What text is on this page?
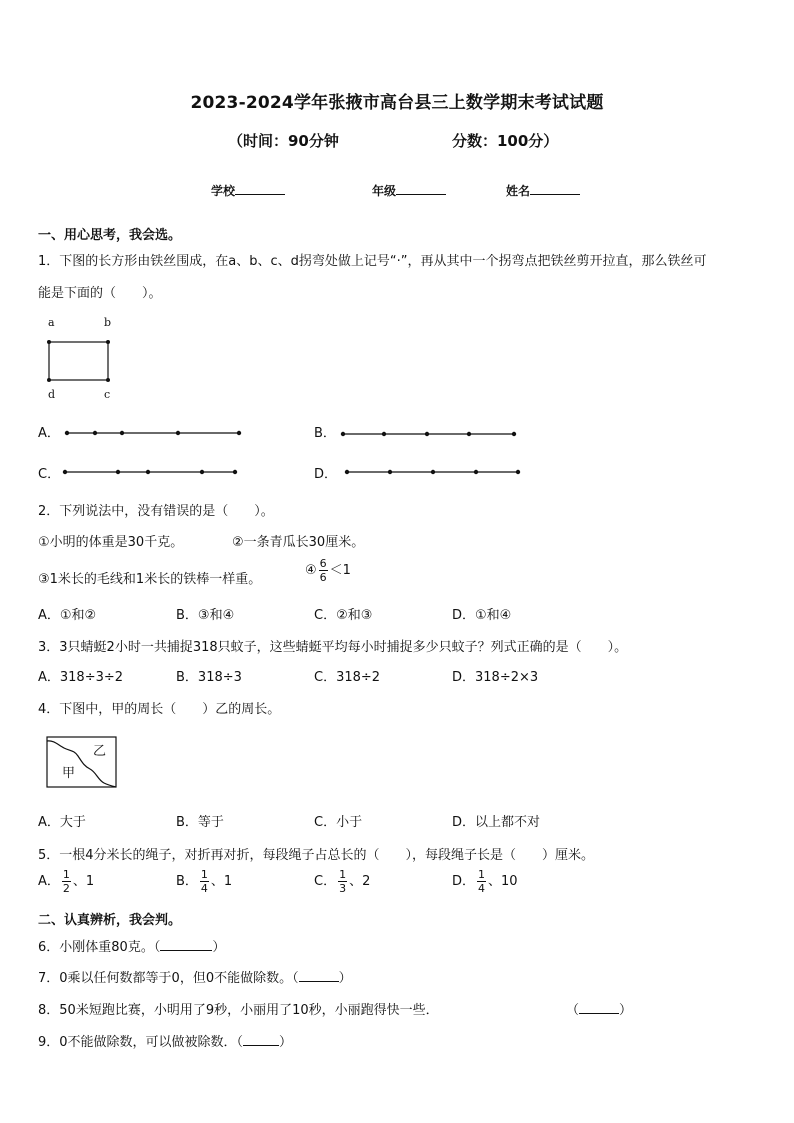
2023-2024学年张掖市高台县三上数学期末考试试题
（时间：90分钟	分数：100分）
学校	年级	姓名
一、用心思考，我会选。
1．下图的长方形由铁丝围成，在a、b、c、d拐弯处做上记号“·”，再从其中一个拐弯点把铁丝剪开拉直，那么铁丝可
能是下面的（　　）。
a	b
d	c
A．	B．
C．	D．
2．下列说法中，没有错误的是（　　）。
①小明的体重是30千克。	②一条青瓜长30厘米。
③1米长的毛线和1米长的铁棒一样重。
④ $\frac{6}{6} <1$
A．①和②	B．③和④	C．②和③	D．①和④
3．3只蜻蜓2小时一共捕捉318只蚊子，这些蜻蜓平均每小时捕捉多少只蚊子？列式正确的是（　　）。
A．318÷3÷2	B．318÷3	C．318÷2	D．318÷2×3
4．下图中，甲的周长（　　）乙的周长。
乙
甲
A．大于	B．等于	C．小于	D．以上都不对
5．一根4分米长的绳子，对折再对折，每段绳子占总长的（　　），每段绳子长是（　　）厘米。
A． $\frac{1}{2}$ 、1	B． $\frac{1}{4}$ 、1	C． $\frac{1}{3}$ 、2	D． $\frac{1}{4}$ 、10
二、认真辨析，我会判。
6．小刚体重80克。（	）
7．0乘以任何数都等于0，但0不能做除数。（	）
8．50米短跑比赛，小明用了9秒，小丽用了10秒，小丽跑得快一些．	（	）
9．0不能做除数，可以做被除数．（	）
